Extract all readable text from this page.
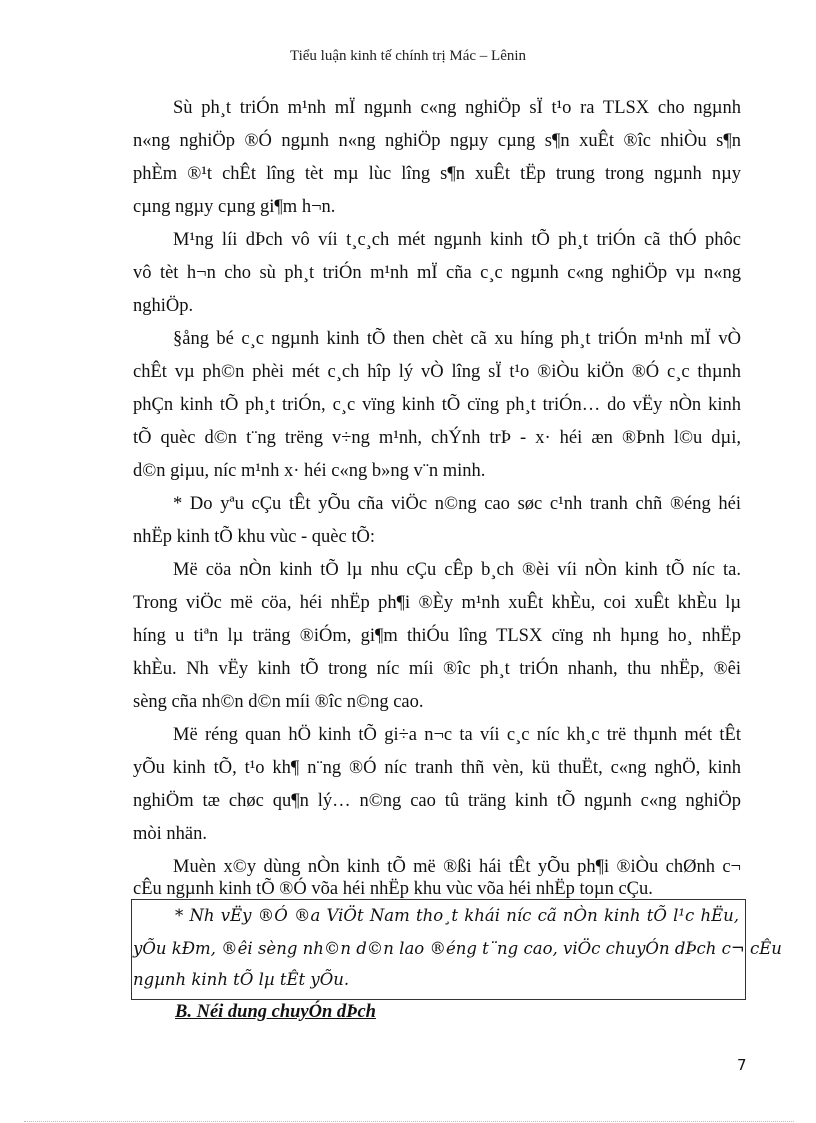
Tiểu luận kinh tế chính trị Mác – Lênin
Sù ph¸t triÓn m¹nh mÏ ngµnh c«ng nghiÖp sÏ t¹o ra TLSX cho ngµnh
n«ng nghiÖp ®Ó ngµnh n«ng nghiÖp ngµy cµng s¶n xuÊt ®îc nhiÒu s¶n
phÈm ®¹t chÊt lîng tèt mµ lùc lîng s¶n xuÊt tËp trung trong ngµnh nµy
cµng ngµy cµng gi¶m h¬n.
M¹ng líi dÞch vô víi t¸c¸ch mét ngµnh kinh tÕ ph¸t triÓn cã thÓ phôc
vô tèt h¬n cho sù ph¸t triÓn m¹nh mÏ cña c¸c ngµnh c«ng nghiÖp vµ n«ng
nghiÖp.
§ång bé c¸c ngµnh kinh tÕ then chèt cã xu híng ph¸t triÓn m¹nh mÏ vÒ
chÊt vµ ph©n phèi mét c¸ch hîp lý vÒ lîng sÏ t¹o ®iÒu kiÖn ®Ó c¸c thµnh
phÇn kinh tÕ ph¸t triÓn, c¸c vïng kinh tÕ cïng ph¸t triÓn… do vËy nÒn kinh
tÕ quèc d©n t¨ng trëng v÷ng m¹nh, chÝnh trÞ - x· héi æn ®Þnh l©u dµi,
d©n giµu, níc m¹nh x· héi c«ng b»ng v¨n minh.
* Do yªu cÇu tÊt yÕu cña viÖc n©ng cao søc c¹nh tranh chñ ®éng héi
nhËp kinh tÕ khu vùc - quèc tÕ:
Më cöa nÒn kinh tÕ lµ nhu cÇu cÊp b¸ch ®èi víi nÒn kinh tÕ níc ta.
Trong viÖc më cöa, héi nhËp ph¶i ®Èy m¹nh xuÊt khÈu, coi xuÊt khÈu lµ
híng u tiªn lµ träng ®iÓm, gi¶m thiÓu lîng TLSX cïng nh hµng ho¸ nhËp
khÈu. Nh vËy kinh tÕ trong níc míi ®îc ph¸t triÓn nhanh, thu nhËp, ®êi
sèng cña nh©n d©n míi ®îc n©ng cao.
Më réng quan hÖ kinh tÕ gi÷a n¬c ta víi c¸c níc kh¸c trë thµnh mét tÊt
yÕu kinh tÕ, t¹o kh¶ n¨ng ®Ó níc tranh thñ vèn, kü thuËt, c«ng nghÖ, kinh
nghiÖm tæ chøc qu¶n lý… n©ng cao tû träng kinh tÕ ngµnh c«ng nghiÖp
mòi nhän.
Muèn x©y dùng nÒn kinh tÕ më ®ßi hái tÊt yÕu ph¶i ®iÒu chØnh c¬
cÊu ngµnh kinh tÕ ®Ó võa héi nhËp khu vùc võa héi nhËp toµn cÇu.
* Nh vËy ®Ó ®a ViÖt Nam tho¸t khái níc cã nÒn kinh tÕ l¹c hËu,
yÕu kÐm, ®êi sèng nh©n d©n lao ®éng t¨ng cao, viÖc chuyÓn dÞch c¬ cÊu
ngµnh kinh tÕ lµ tÊt yÕu.
B. Néi dung chuyÓn dÞch
7
